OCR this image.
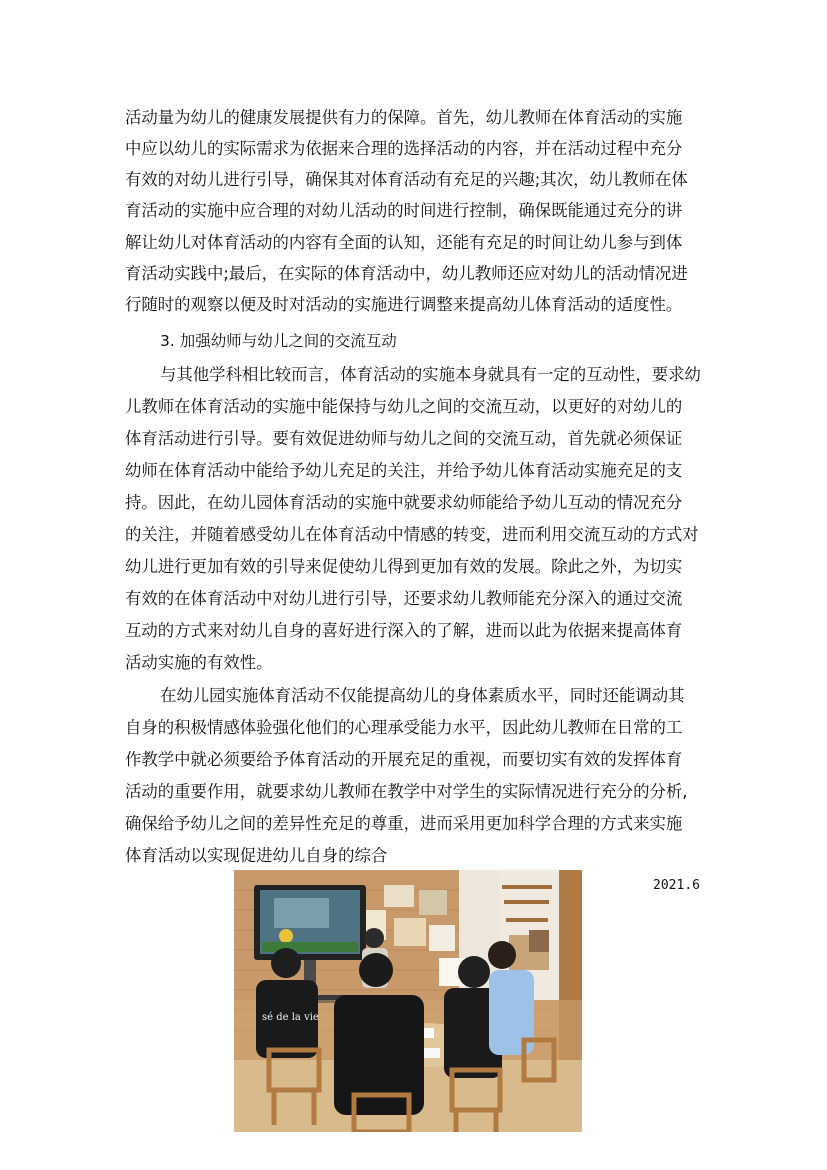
活动量为幼儿的健康发展提供有力的保障。首先，幼儿教师在体育活动的实施
中应以幼儿的实际需求为依据来合理的选择活动的内容，并在活动过程中充分
有效的对幼儿进行引导，确保其对体育活动有充足的兴趣;其次，幼儿教师在体
育活动的实施中应合理的对幼儿活动的时间进行控制，确保既能通过充分的讲
解让幼儿对体育活动的内容有全面的认知，还能有充足的时间让幼儿参与到体
育活动实践中;最后，在实际的体育活动中，幼儿教师还应对幼儿的活动情况进
行随时的观察以便及时对活动的实施进行调整来提高幼儿体育活动的适度性。
3. 加强幼师与幼儿之间的交流互动
与其他学科相比较而言，体育活动的实施本身就具有一定的互动性，要求幼
儿教师在体育活动的实施中能保持与幼儿之间的交流互动，以更好的对幼儿的
体育活动进行引导。要有效促进幼师与幼儿之间的交流互动，首先就必须保证
幼师在体育活动中能给予幼儿充足的关注，并给予幼儿体育活动实施充足的支
持。因此，在幼儿园体育活动的实施中就要求幼师能给予幼儿互动的情况充分
的关注，并随着感受幼儿在体育活动中情感的转变，进而利用交流互动的方式对
幼儿进行更加有效的引导来促使幼儿得到更加有效的发展。除此之外，为切实
有效的在体育活动中对幼儿进行引导，还要求幼儿教师能充分深入的通过交流
互动的方式来对幼儿自身的喜好进行深入的了解，进而以此为依据来提高体育
活动实施的有效性。
在幼儿园实施体育活动不仅能提高幼儿的身体素质水平，同时还能调动其
自身的积极情感体验强化他们的心理承受能力水平，因此幼儿教师在日常的工
作教学中就必须要给予体育活动的开展充足的重视，而要切实有效的发挥体育
活动的重要作用，就要求幼儿教师在教学中对学生的实际情况进行充分的分析,
确保给予幼儿之间的差异性充足的尊重，进而采用更加科学合理的方式来实施
体育活动以实现促进幼儿自身的综合
2021.6
sé de la vie
